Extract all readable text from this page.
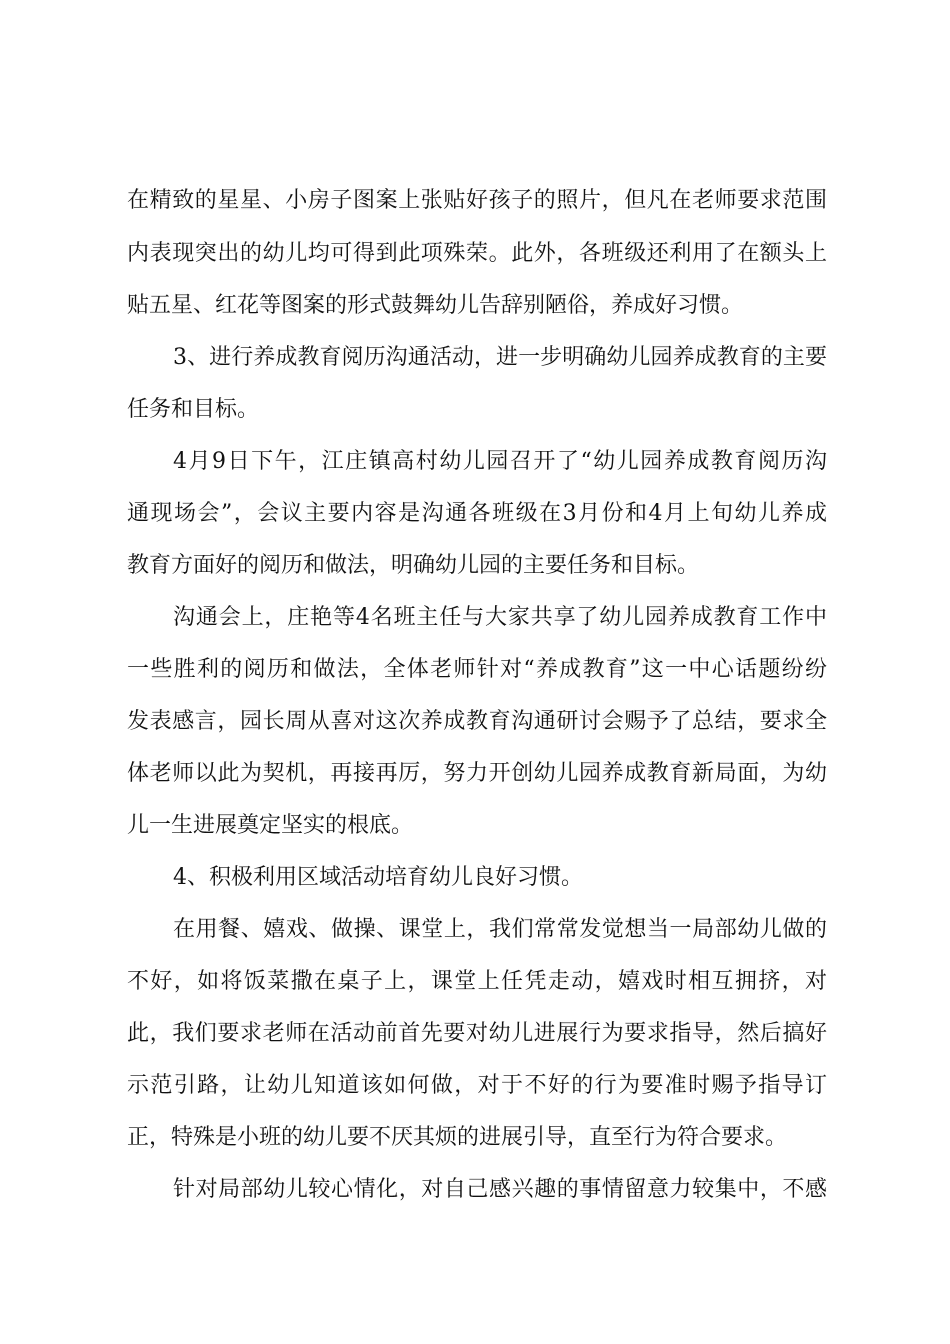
在精致的星星、小房子图案上张贴好孩子的照片，但凡在老师要求范围

内表现突出的幼儿均可得到此项殊荣。此外，各班级还利用了在额头上

贴五星、红花等图案的形式鼓舞幼儿告辞别陋俗，养成好习惯。

3、进行养成教育阅历沟通活动，进一步明确幼儿园养成教育的主要

任务和目标。

4月9日下午，江庄镇高村幼儿园召开了“幼儿园养成教育阅历沟

通现场会”，会议主要内容是沟通各班级在3月份和4月上旬幼儿养成

教育方面好的阅历和做法，明确幼儿园的主要任务和目标。

沟通会上，庄艳等4名班主任与大家共享了幼儿园养成教育工作中

一些胜利的阅历和做法，全体老师针对“养成教育”这一中心话题纷纷

发表感言，园长周从喜对这次养成教育沟通研讨会赐予了总结，要求全

体老师以此为契机，再接再厉，努力开创幼儿园养成教育新局面，为幼

儿一生进展奠定坚实的根底。

4、积极利用区域活动培育幼儿良好习惯。

在用餐、嬉戏、做操、课堂上，我们常常发觉想当一局部幼儿做的

不好，如将饭菜撒在桌子上，课堂上任凭走动，嬉戏时相互拥挤，对

此，我们要求老师在活动前首先要对幼儿进展行为要求指导，然后搞好

示范引路，让幼儿知道该如何做，对于不好的行为要准时赐予指导订

正，特殊是小班的幼儿要不厌其烦的进展引导，直至行为符合要求。

针对局部幼儿较心情化，对自己感兴趣的事情留意力较集中，不感
